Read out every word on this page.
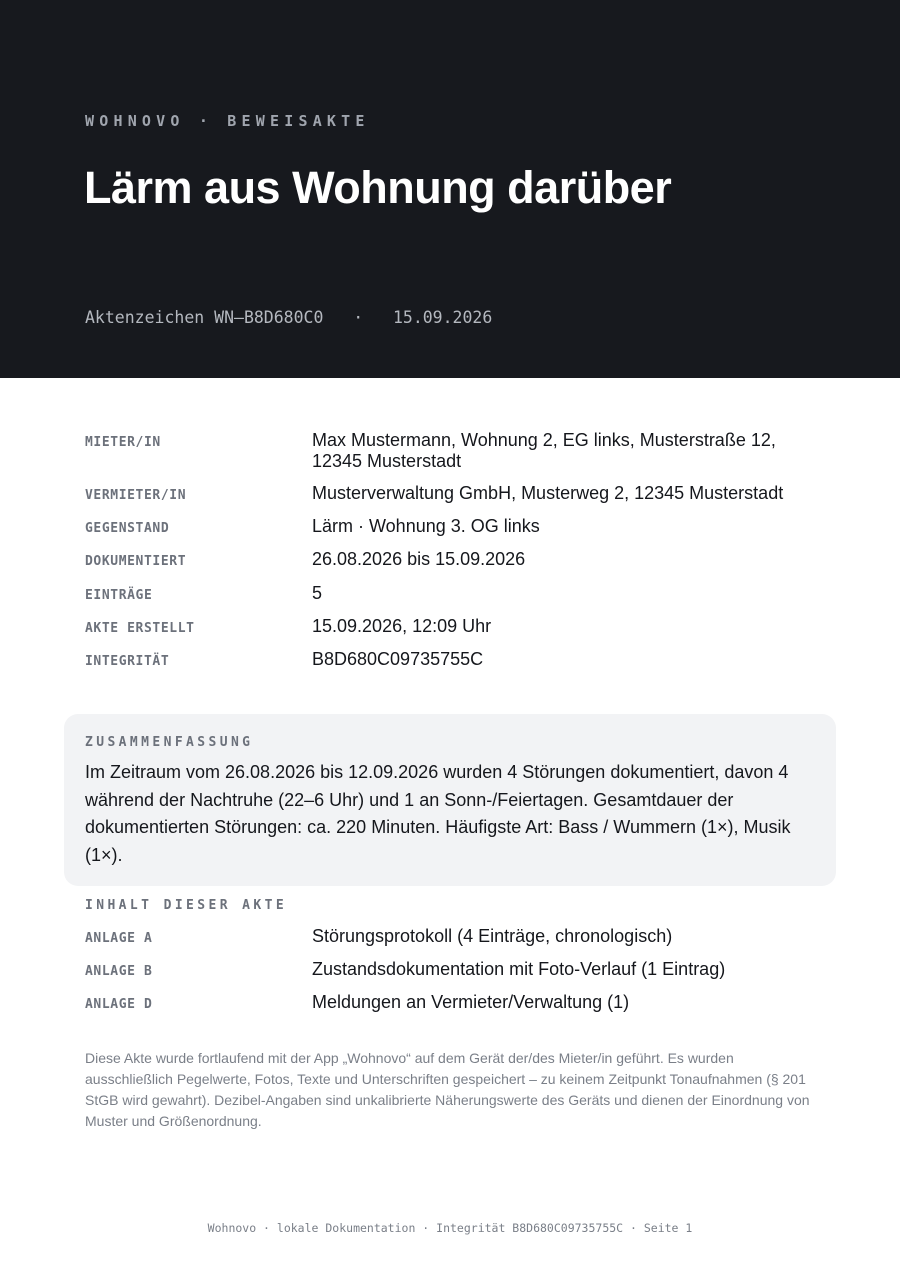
WOHNOVO · BEWEISAKTE
Lärm aus Wohnung darüber
Aktenzeichen WN–B8D680C0   ·   15.09.2026
MIETER/IN	Max Mustermann, Wohnung 2, EG links, Musterstraße 12, 12345 Musterstadt
VERMIETER/IN	Musterverwaltung GmbH, Musterweg 2, 12345 Musterstadt
GEGENSTAND	Lärm · Wohnung 3. OG links
DOKUMENTIERT	26.08.2026 bis 15.09.2026
EINTRÄGE	5
AKTE ERSTELLT	15.09.2026, 12:09 Uhr
INTEGRITÄT	B8D680C09735755C
ZUSAMMENFASSUNG
Im Zeitraum vom 26.08.2026 bis 12.09.2026 wurden 4 Störungen dokumentiert, davon 4 während der Nachtruhe (22–6 Uhr) und 1 an Sonn-/Feiertagen. Gesamtdauer der dokumentierten Störungen: ca. 220 Minuten. Häufigste Art: Bass / Wummern (1×), Musik (1×).
INHALT DIESER AKTE
ANLAGE A	Störungsprotokoll (4 Einträge, chronologisch)
ANLAGE B	Zustandsdokumentation mit Foto-Verlauf (1 Eintrag)
ANLAGE D	Meldungen an Vermieter/Verwaltung (1)
Diese Akte wurde fortlaufend mit der App „Wohnovo“ auf dem Gerät der/des Mieter/in geführt. Es wurden ausschließlich Pegelwerte, Fotos, Texte und Unterschriften gespeichert – zu keinem Zeitpunkt Tonaufnahmen (§ 201 StGB wird gewahrt). Dezibel-Angaben sind unkalibrierte Näherungswerte des Geräts und dienen der Einordnung von Muster und Größenordnung.
Wohnovo · lokale Dokumentation · Integrität B8D680C09735755C · Seite 1
